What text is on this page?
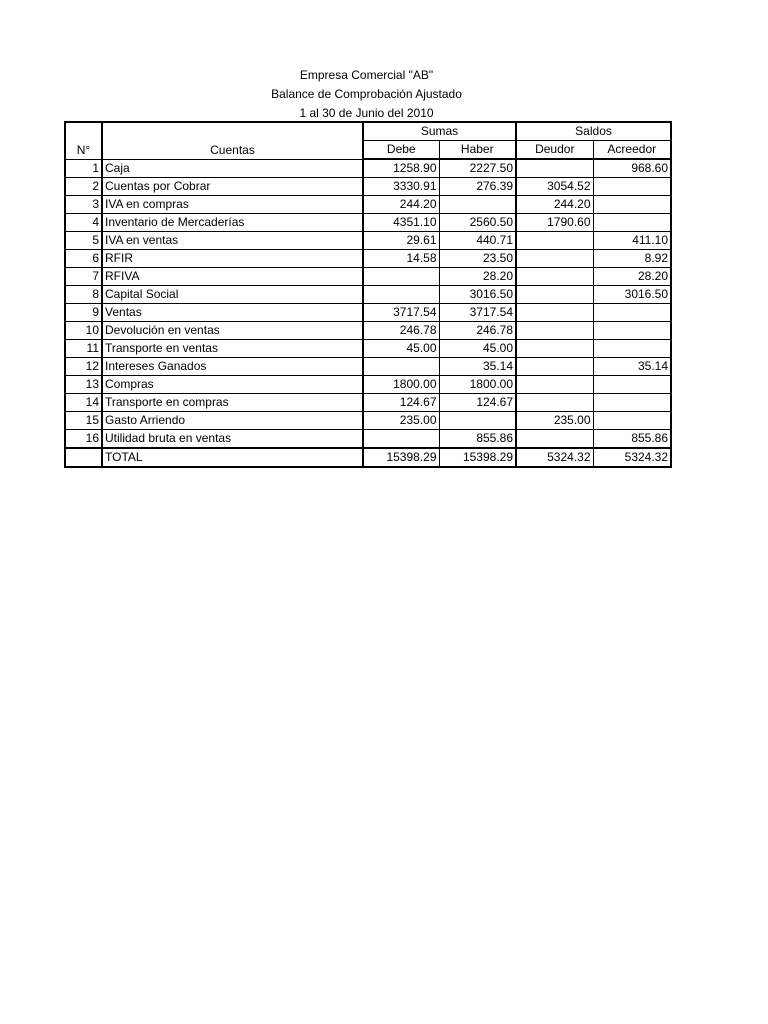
Empresa Comercial "AB"
Balance de Comprobación Ajustado
1 al 30 de Junio del 2010
N°	Cuentas	Sumas		Saldos	
		Debe	Haber	Deudor	Acreedor
1	Caja	1258.90	2227.50		968.60
2	Cuentas por Cobrar	3330.91	276.39	3054.52	
3	IVA en compras	244.20		244.20	
4	Inventario de Mercaderías	4351.10	2560.50	1790.60	
5	IVA en ventas	29.61	440.71		411.10
6	RFIR	14.58	23.50		8.92
7	RFIVA		28.20		28.20
8	Capital Social		3016.50		3016.50
9	Ventas	3717.54	3717.54		
10	Devolución en ventas	246.78	246.78		
11	Transporte en ventas	45.00	45.00		
12	Intereses Ganados		35.14		35.14
13	Compras	1800.00	1800.00		
14	Transporte en compras	124.67	124.67		
15	Gasto Arriendo	235.00		235.00	
16	Utilidad bruta en ventas		855.86		855.86
	TOTAL	15398.29	15398.29	5324.32	5324.32
